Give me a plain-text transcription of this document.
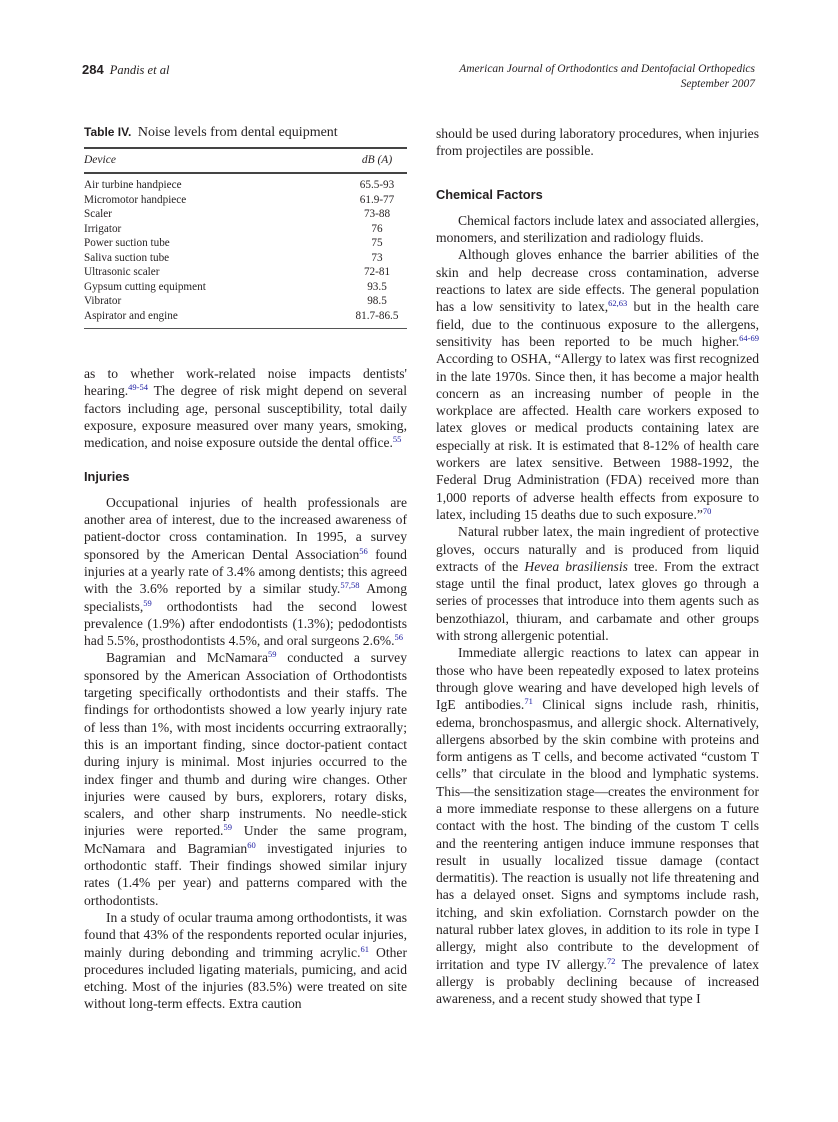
284 Pandis et al	American Journal of Orthodontics and Dentofacial Orthopedics
September 2007
Table IV. Noise levels from dental equipment
Device	dB (A)
Air turbine handpiece	65.5-93
Micromotor handpiece	61.9-77
Scaler	73-88
Irrigator	76
Power suction tube	75
Saliva suction tube	73
Ultrasonic scaler	72-81
Gypsum cutting equipment	93.5
Vibrator	98.5
Aspirator and engine	81.7-86.5

as to whether work-related noise impacts dentists' hearing.$^{49-54}$ The degree of risk might depend on several factors including age, personal susceptibility, total daily exposure, exposure measured over many years, smoking, medication, and noise exposure outside the dental office.$^{55}$

Injuries

Occupational injuries of health professionals are another area of interest, due to the increased awareness of patient-doctor cross contamination. In 1995, a survey sponsored by the American Dental Association$^{56}$ found injuries at a yearly rate of 3.4% among dentists; this agreed with the 3.6% reported by a similar study.$^{57,58}$ Among specialists,$^{59}$ orthodontists had the second lowest prevalence (1.9%) after endodontists (1.3%); pedodontists had 5.5%, prosthodontists 4.5%, and oral surgeons 2.6%.$^{56}$

Bagramian and McNamara$^{59}$ conducted a survey sponsored by the American Association of Orthodontists targeting specifically orthodontists and their staffs. The findings for orthodontists showed a low yearly injury rate of less than 1%, with most incidents occurring extraorally; this is an important finding, since doctor-patient contact during injury is minimal. Most injuries occurred to the index finger and thumb and during wire changes. Other injuries were caused by burs, explorers, rotary disks, scalers, and other sharp instruments. No needle-stick injuries were reported.$^{59}$ Under the same program, McNamara and Bagramian$^{60}$ investigated injuries to orthodontic staff. Their findings showed similar injury rates (1.4% per year) and patterns compared with the orthodontists.

In a study of ocular trauma among orthodontists, it was found that 43% of the respondents reported ocular injuries, mainly during debonding and trimming acrylic.$^{61}$ Other procedures included ligating materials, pumicing, and acid etching. Most of the injuries (83.5%) were treated on site without long-term effects. Extra caution

should be used during laboratory procedures, when injuries from projectiles are possible.

Chemical Factors

Chemical factors include latex and associated allergies, monomers, and sterilization and radiology fluids.

Although gloves enhance the barrier abilities of the skin and help decrease cross contamination, adverse reactions to latex are side effects. The general population has a low sensitivity to latex,$^{62,63}$ but in the health care field, due to the continuous exposure to the allergens, sensitivity has been reported to be much higher.$^{64-69}$ According to OSHA, “Allergy to latex was first recognized in the late 1970s. Since then, it has become a major health concern as an increasing number of people in the workplace are affected. Health care workers exposed to latex gloves or medical products containing latex are especially at risk. It is estimated that 8-12% of health care workers are latex sensitive. Between 1988-1992, the Federal Drug Administration (FDA) received more than 1,000 reports of adverse health effects from exposure to latex, including 15 deaths due to such exposure.”$^{70}$

Natural rubber latex, the main ingredient of protective gloves, occurs naturally and is produced from liquid extracts of the Hevea brasiliensis tree. From the extract stage until the final product, latex gloves go through a series of processes that introduce into them agents such as benzothiazol, thiuram, and carbamate and other groups with strong allergenic potential.

Immediate allergic reactions to latex can appear in those who have been repeatedly exposed to latex proteins through glove wearing and have developed high levels of IgE antibodies.$^{71}$ Clinical signs include rash, rhinitis, edema, bronchospasmus, and allergic shock. Alternatively, allergens absorbed by the skin combine with proteins and form antigens as T cells, and become activated “custom T cells” that circulate in the blood and lymphatic systems. This—the sensitization stage—creates the environment for a more immediate response to these allergens on a future contact with the host. The binding of the custom T cells and the reentering antigen induce immune responses that result in usually localized tissue damage (contact dermatitis). The reaction is usually not life threatening and has a delayed onset. Signs and symptoms include rash, itching, and skin exfoliation. Cornstarch powder on the natural rubber latex gloves, in addition to its role in type I allergy, might also contribute to the development of irritation and type IV allergy.$^{72}$ The prevalence of latex allergy is probably declining because of increased awareness, and a recent study showed that type I
